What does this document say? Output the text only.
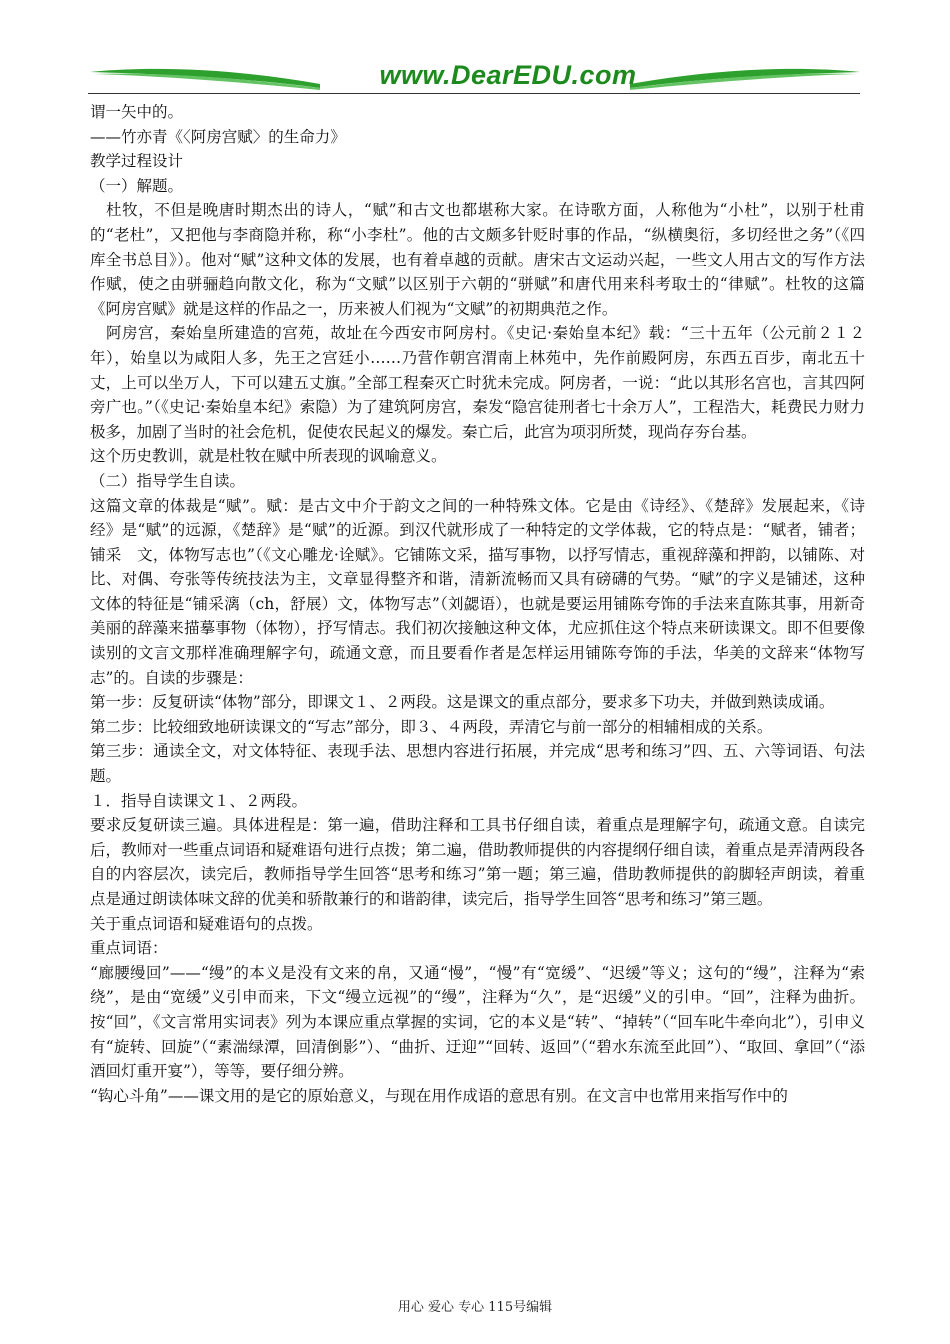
www.DearEDU.com

谓一矢中的。

——竹亦青《〈阿房宫赋〉的生命力》

教学过程设计

（一）解题。

杜牧，不但是晚唐时期杰出的诗人，“赋”和古文也都堪称大家。在诗歌方面，人称他为“小杜”，以别于杜甫的“老杜”，又把他与李商隐并称，称“小李杜”。他的古文颇多针贬时事的作品，“纵横奥衍，多切经世之务”（《四库全书总目》）。他对“赋”这种文体的发展，也有着卓越的贡献。唐宋古文运动兴起，一些文人用古文的写作方法作赋，使之由骈骊趋向散文化，称为“文赋”以区别于六朝的“骈赋”和唐代用来科考取士的“律赋”。杜牧的这篇《阿房宫赋》就是这样的作品之一，历来被人们视为“文赋”的初期典范之作。

阿房宫，秦始皇所建造的宫苑，故址在今西安市阿房村。《史记·秦始皇本纪》载：“三十五年（公元前２１２年），始皇以为咸阳人多，先王之宫廷小……乃营作朝宫渭南上林苑中，先作前殿阿房，东西五百步，南北五十丈，上可以坐万人，下可以建五丈旗。”全部工程秦灭亡时犹未完成。阿房者，一说：“此以其形名宫也，言其四阿旁广也。”（《史记·秦始皇本纪》索隐）为了建筑阿房宫，秦发“隐宫徒刑者七十余万人”，工程浩大，耗费民力财力极多，加剧了当时的社会危机，促使农民起义的爆发。秦亡后，此宫为项羽所焚，现尚存夯台基。

这个历史教训，就是杜牧在赋中所表现的讽喻意义。

（二）指导学生自读。

这篇文章的体裁是“赋”。赋：是古文中介于韵文之间的一种特殊文体。它是由《诗经》、《楚辞》发展起来，《诗经》是“赋”的远源，《楚辞》是“赋”的近源。到汉代就形成了一种特定的文学体裁，它的特点是：“赋者，铺者；铺采　文，体物写志也”（《文心雕龙·诠赋》。它铺陈文采，描写事物，以抒写情志，重视辞藻和押韵，以铺陈、对比、对偶、夸张等传统技法为主，文章显得整齐和谐，清新流畅而又具有磅礴的气势。“赋”的字义是铺述，这种文体的特征是“铺采漓（ch，舒展）文，体物写志”（刘勰语），也就是要运用铺陈夸饰的手法来直陈其事，用新奇美丽的辞藻来描摹事物（体物），抒写情志。我们初次接触这种文体，尤应抓住这个特点来研读课文。即不但要像读别的文言文那样准确理解字句，疏通文意，而且要看作者是怎样运用铺陈夸饰的手法，华美的文辞来“体物写志”的。自读的步骤是：

第一步：反复研读“体物”部分，即课文１、２两段。这是课文的重点部分，要求多下功夫，并做到熟读成诵。

第二步：比较细致地研读课文的“写志”部分，即３、４两段，弄清它与前一部分的相辅相成的关系。

第三步：通读全文，对文体特征、表现手法、思想内容进行拓展，并完成“思考和练习”四、五、六等词语、句法题。

１．指导自读课文１、２两段。

要求反复研读三遍。具体进程是：第一遍，借助注释和工具书仔细自读，着重点是理解字句，疏通文意。自读完后，教师对一些重点词语和疑难语句进行点拨；第二遍，借助教师提供的内容提纲仔细自读，着重点是弄清两段各自的内容层次，读完后，教师指导学生回答“思考和练习”第一题；第三遍，借助教师提供的韵脚轻声朗读，着重点是通过朗读体味文辞的优美和骄散兼行的和谐韵律，读完后，指导学生回答“思考和练习”第三题。

关于重点词语和疑难语句的点拨。

重点词语：

“廊腰缦回”——“缦”的本义是没有文来的帛，又通“慢”，“慢”有“宽缓”、“迟缓”等义；这句的“缦”，注释为“索绕”，是由“宽缓”义引申而来，下文“缦立远视”的“缦”，注释为“久”，是“迟缓”义的引申。“回”，注释为曲折。按“回”，《文言常用实词表》列为本课应重点掌握的实词，它的本义是“转”、“掉转”（“回车叱牛牵向北”），引申义有“旋转、回旋”（“素湍绿潭，回清倒影”）、“曲折、迂迎”“回转、返回”（“碧水东流至此回”）、“取回、拿回”（“添酒回灯重开宴”），等等，要仔细分辨。

“钩心斗角”——课文用的是它的原始意义，与现在用作成语的意思有别。在文言中也常用来指写作中的

用心 爱心 专心 115号编辑
